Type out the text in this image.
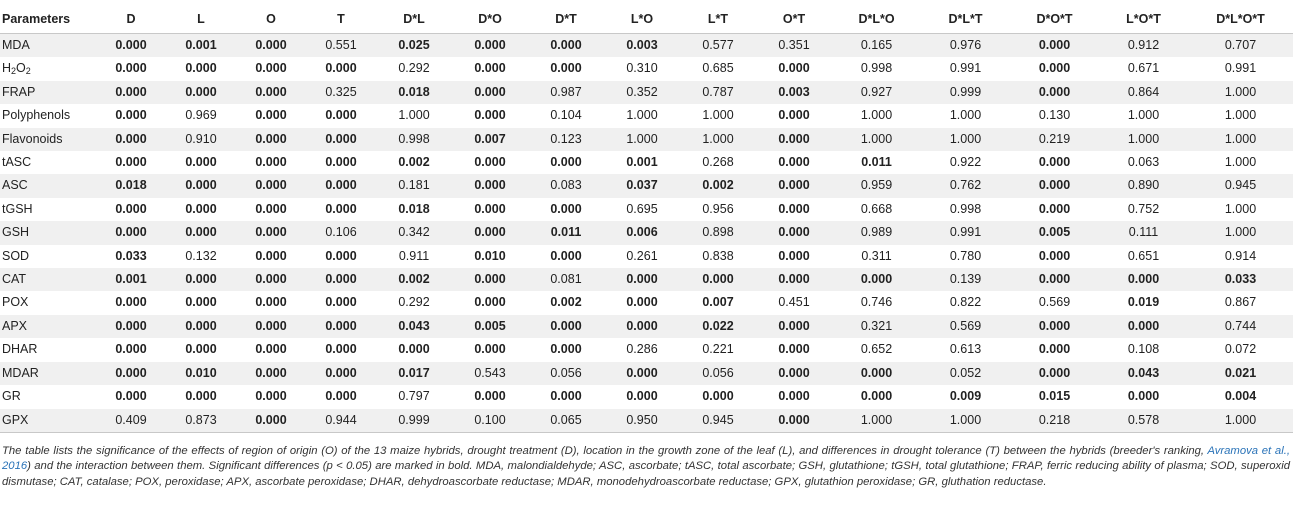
Parameters	D	L	O	T	D*L	D*O	D*T	L*O	L*T	O*T	D*L*O	D*L*T	D*O*T	L*O*T	D*L*O*T
MDA	0.000	0.001	0.000	0.551	0.025	0.000	0.000	0.003	0.577	0.351	0.165	0.976	0.000	0.912	0.707
$H_2O_2$	0.000	0.000	0.000	0.000	0.292	0.000	0.000	0.310	0.685	0.000	0.998	0.991	0.000	0.671	0.991
FRAP	0.000	0.000	0.000	0.325	0.018	0.000	0.987	0.352	0.787	0.003	0.927	0.999	0.000	0.864	1.000
Polyphenols	0.000	0.969	0.000	0.000	1.000	0.000	0.104	1.000	1.000	0.000	1.000	1.000	0.130	1.000	1.000
Flavonoids	0.000	0.910	0.000	0.000	0.998	0.007	0.123	1.000	1.000	0.000	1.000	1.000	0.219	1.000	1.000
tASC	0.000	0.000	0.000	0.000	0.002	0.000	0.000	0.001	0.268	0.000	0.011	0.922	0.000	0.063	1.000
ASC	0.018	0.000	0.000	0.000	0.181	0.000	0.083	0.037	0.002	0.000	0.959	0.762	0.000	0.890	0.945
tGSH	0.000	0.000	0.000	0.000	0.018	0.000	0.000	0.695	0.956	0.000	0.668	0.998	0.000	0.752	1.000
GSH	0.000	0.000	0.000	0.106	0.342	0.000	0.011	0.006	0.898	0.000	0.989	0.991	0.005	0.111	1.000
SOD	0.033	0.132	0.000	0.000	0.911	0.010	0.000	0.261	0.838	0.000	0.311	0.780	0.000	0.651	0.914
CAT	0.001	0.000	0.000	0.000	0.002	0.000	0.081	0.000	0.000	0.000	0.000	0.139	0.000	0.000	0.033
POX	0.000	0.000	0.000	0.000	0.292	0.000	0.002	0.000	0.007	0.451	0.746	0.822	0.569	0.019	0.867
APX	0.000	0.000	0.000	0.000	0.043	0.005	0.000	0.000	0.022	0.000	0.321	0.569	0.000	0.000	0.744
DHAR	0.000	0.000	0.000	0.000	0.000	0.000	0.000	0.286	0.221	0.000	0.652	0.613	0.000	0.108	0.072
MDAR	0.000	0.010	0.000	0.000	0.017	0.543	0.056	0.000	0.056	0.000	0.000	0.052	0.000	0.043	0.021
GR	0.000	0.000	0.000	0.000	0.797	0.000	0.000	0.000	0.000	0.000	0.000	0.009	0.015	0.000	0.004
GPX	0.409	0.873	0.000	0.944	0.999	0.100	0.065	0.950	0.945	0.000	1.000	1.000	0.218	0.578	1.000
The table lists the significance of the effects of region of origin (O) of the 13 maize hybrids, drought treatment (D), location in the growth zone of the leaf (L), and differences in drought tolerance (T) between the hybrids (breeder's ranking, Avramova et al., 2016) and the interaction between them. Significant differences (p < 0.05) are marked in bold. MDA, malondialdehyde; ASC, ascorbate; tASC, total ascorbate; GSH, glutathione; tGSH, total glutathione; FRAP, ferric reducing ability of plasma; SOD, superoxid dismutase; CAT, catalase; POX, peroxidase; APX, ascorbate peroxidase; DHAR, dehydroascorbate reductase; MDAR, monodehydroascorbate reductase; GPX, glutathion peroxidase; GR, gluthation reductase.
